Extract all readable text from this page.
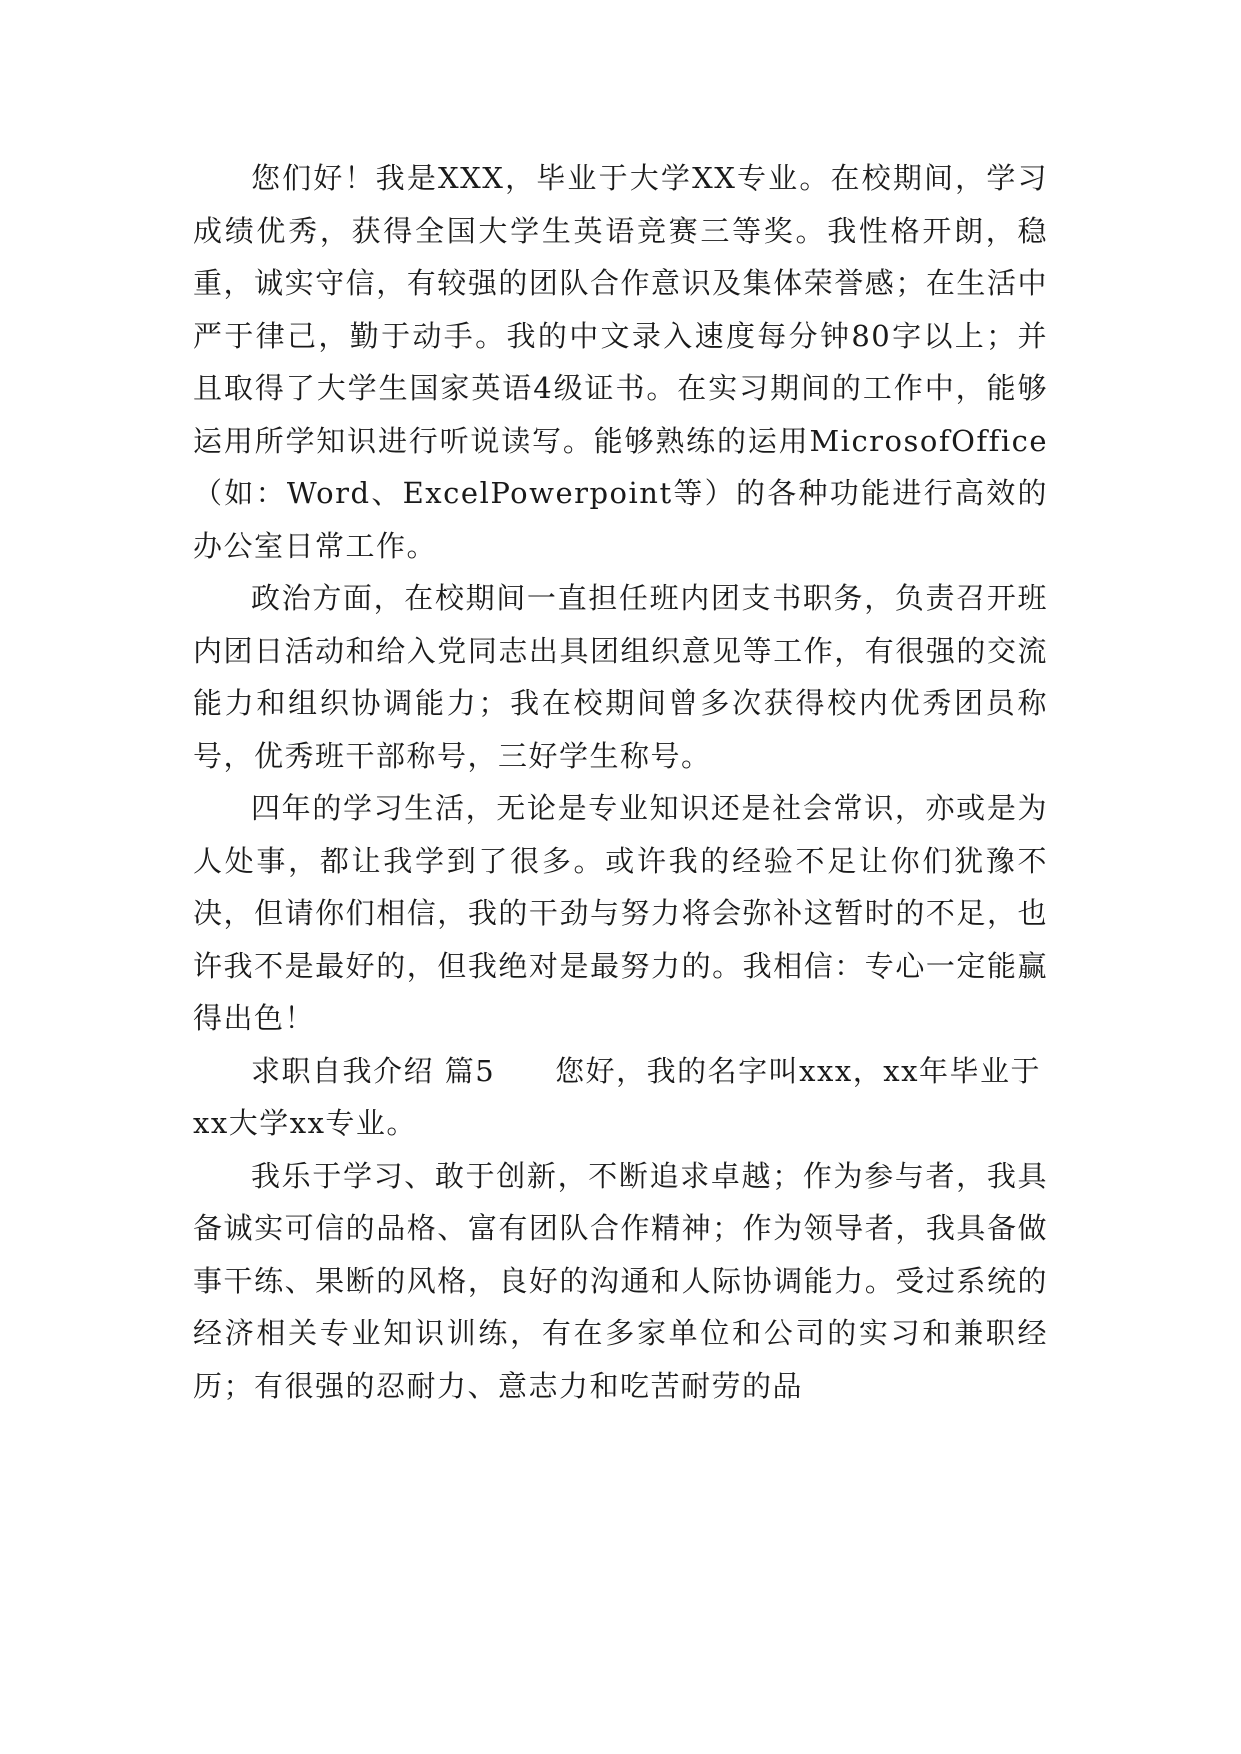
您们好！我是XXX，毕业于大学XX专业。在校期间，学习成绩优秀，获得全国大学生英语竞赛三等奖。我性格开朗，稳重，诚实守信，有较强的团队合作意识及集体荣誉感；在生活中严于律己，勤于动手。我的中文录入速度每分钟80字以上；并且取得了大学生国家英语4级证书。在实习期间的工作中，能够运用所学知识进行听说读写。能够熟练的运用MicrosofOffice（如：Word、ExcelPowerpoint等）的各种功能进行高效的办公室日常工作。

政治方面，在校期间一直担任班内团支书职务，负责召开班内团日活动和给入党同志出具团组织意见等工作，有很强的交流能力和组织协调能力；我在校期间曾多次获得校内优秀团员称号，优秀班干部称号，三好学生称号。

四年的学习生活，无论是专业知识还是社会常识，亦或是为人处事，都让我学到了很多。或许我的经验不足让你们犹豫不决，但请你们相信，我的干劲与努力将会弥补这暂时的不足，也许我不是最好的，但我绝对是最努力的。我相信：专心一定能赢得出色！

求职自我介绍 篇5 您好，我的名字叫xxx，xx年毕业于xx大学xx专业。

我乐于学习、敢于创新，不断追求卓越；作为参与者，我具备诚实可信的品格、富有团队合作精神；作为领导者，我具备做事干练、果断的风格，良好的沟通和人际协调能力。受过系统的经济相关专业知识训练，有在多家单位和公司的实习和兼职经历；有很强的忍耐力、意志力和吃苦耐劳的品
